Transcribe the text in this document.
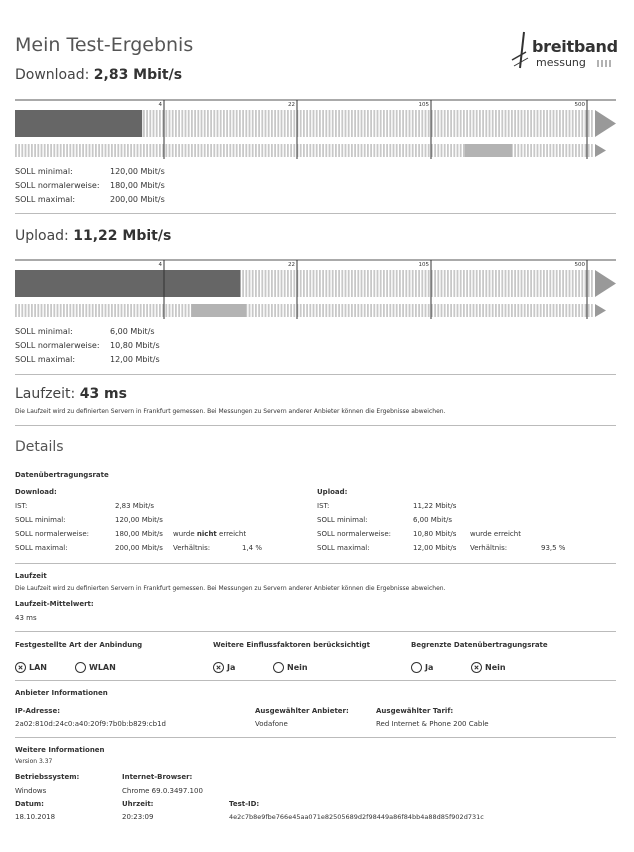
Mein Test-Ergebnis	breitband
messung
Download: 2,83 Mbit/s
4	22	105	500
SOLL minimal:	120,00 Mbit/s
SOLL normalerweise: 180,00 Mbit/s
SOLL maximal:	200,00 Mbit/s
Upload: 11,22 Mbit/s
4	22	105	500
SOLL minimal:	6,00 Mbit/s
SOLL normalerweise: 10,80 Mbit/s
SOLL maximal:	12,00 Mbit/s
Laufzeit: 43 ms
Die Laufzeit wird zu definierten Servern in Frankfurt gemessen. Bei Messungen zu Servern anderer Anbieter können die Ergebnisse abweichen.
Details
Datenübertragungsrate
Download:
IST:	2,83 Mbit/s
SOLL minimal:	120,00 Mbit/s
SOLL normalerweise:	180,00 Mbit/s wurde nicht erreicht
SOLL maximal:	200,00 Mbit/s Verhältnis:	1,4 %
Upload:
IST:	11,22 Mbit/s
SOLL minimal:	6,00 Mbit/s
SOLL normalerweise:	10,80 Mbit/s wurde erreicht
SOLL maximal:	12,00 Mbit/s Verhältnis:	93,5 %
Laufzeit
Die Laufzeit wird zu definierten Servern in Frankfurt gemessen. Bei Messungen zu Servern anderer Anbieter können die Ergebnisse abweichen.
Laufzeit-Mittelwert:
43 ms
Festgestellte Art der Anbindung
LAN	WLAN
Weitere Einflussfaktoren berücksichtigt
Ja	Nein
Begrenzte Datenübertragungsrate
Ja	Nein
Anbieter Informationen
IP-Adresse:
2a02:810d:24c0:a40:20f9:7b0b:b829:cb1d
Ausgewählter Anbieter:
Vodafone
Ausgewählter Tarif:
Red Internet & Phone 200 Cable
Weitere Informationen
Version 3.37
Betriebssystem:
Windows
Internet-Browser:
Chrome 69.0.3497.100
Datum:
18.10.2018
Uhrzeit:
20:23:09
Test-ID:
4e2c7b8e9fbe766e45aa071e82505689d2f98449a86f84bb4a88d85f902d731c
